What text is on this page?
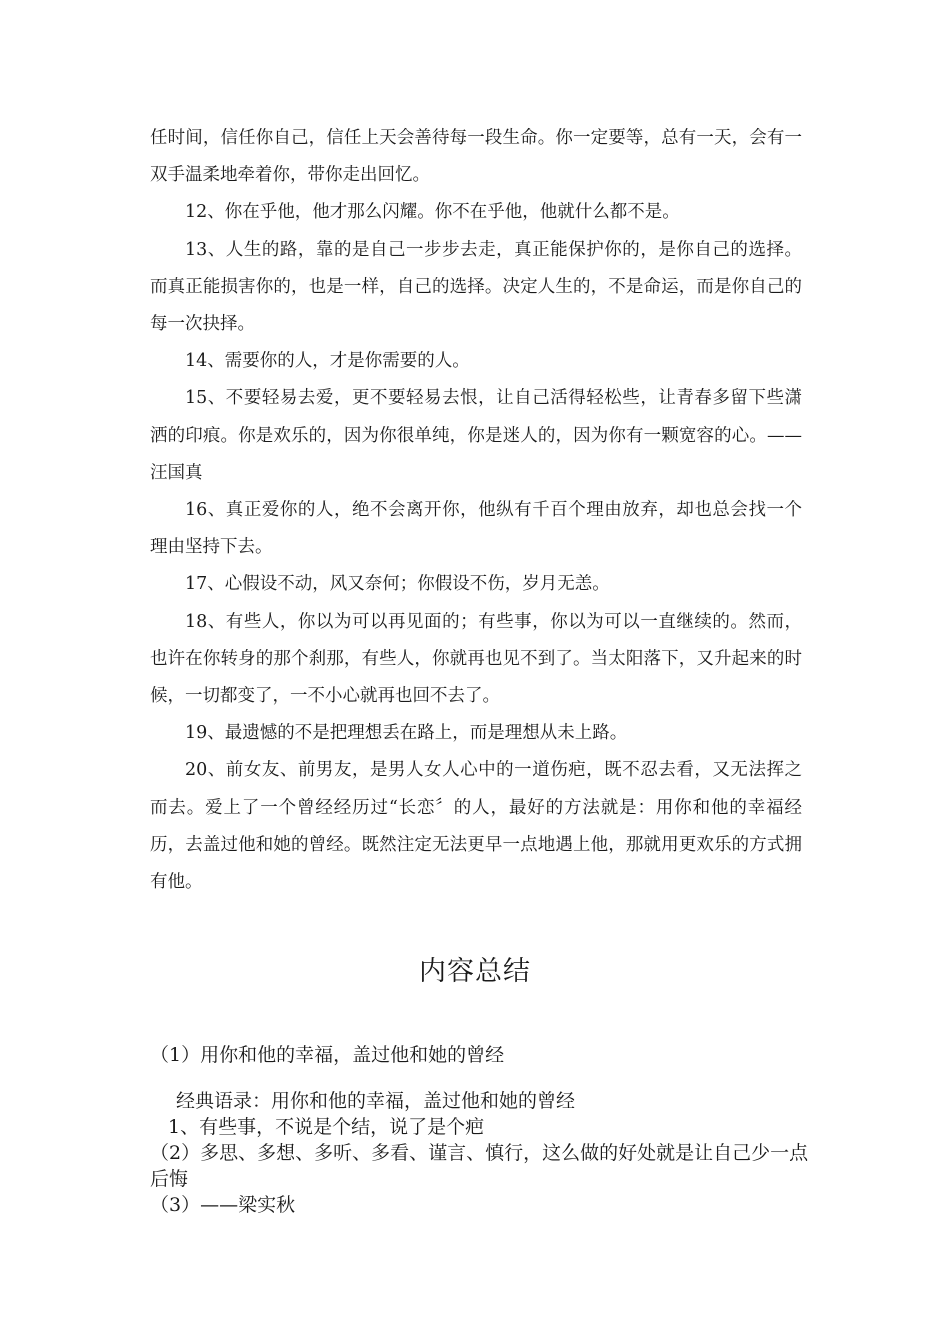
任时间，信任你自己，信任上天会善待每一段生命。你一定要等，总有一天，会有一双手温柔地牵着你，带你走出回忆。

12、你在乎他，他才那么闪耀。你不在乎他，他就什么都不是。

13、人生的路，靠的是自己一步步去走，真正能保护你的，是你自己的选择。而真正能损害你的，也是一样，自己的选择。决定人生的，不是命运，而是你自己的每一次抉择。

14、需要你的人，才是你需要的人。

15、不要轻易去爱，更不要轻易去恨，让自己活得轻松些，让青春多留下些潇洒的印痕。你是欢乐的，因为你很单纯，你是迷人的，因为你有一颗宽容的心。——汪国真

16、真正爱你的人，绝不会离开你，他纵有千百个理由放弃，却也总会找一个理由坚持下去。

17、心假设不动，风又奈何；你假设不伤，岁月无恙。

18、有些人，你以为可以再见面的；有些事，你以为可以一直继续的。然而，也许在你转身的那个刹那，有些人，你就再也见不到了。当太阳落下，又升起来的时候，一切都变了，一不小心就再也回不去了。

19、最遗憾的不是把理想丢在路上，而是理想从未上路。

20、前女友、前男友，是男人女人心中的一道伤疤，既不忍去看，又无法挥之而去。爱上了一个曾经经历过“长恋〞的人，最好的方法就是：用你和他的幸福经历，去盖过他和她的曾经。既然注定无法更早一点地遇上他，那就用更欢乐的方式拥有他。

内容总结

（1）用你和他的幸福，盖过他和她的曾经

经典语录：用你和他的幸福，盖过他和她的曾经

1、有些事，不说是个结，说了是个疤

（2）多思、多想、多听、多看、谨言、慎行，这么做的好处就是让自己少一点后悔

（3）——梁实秋
